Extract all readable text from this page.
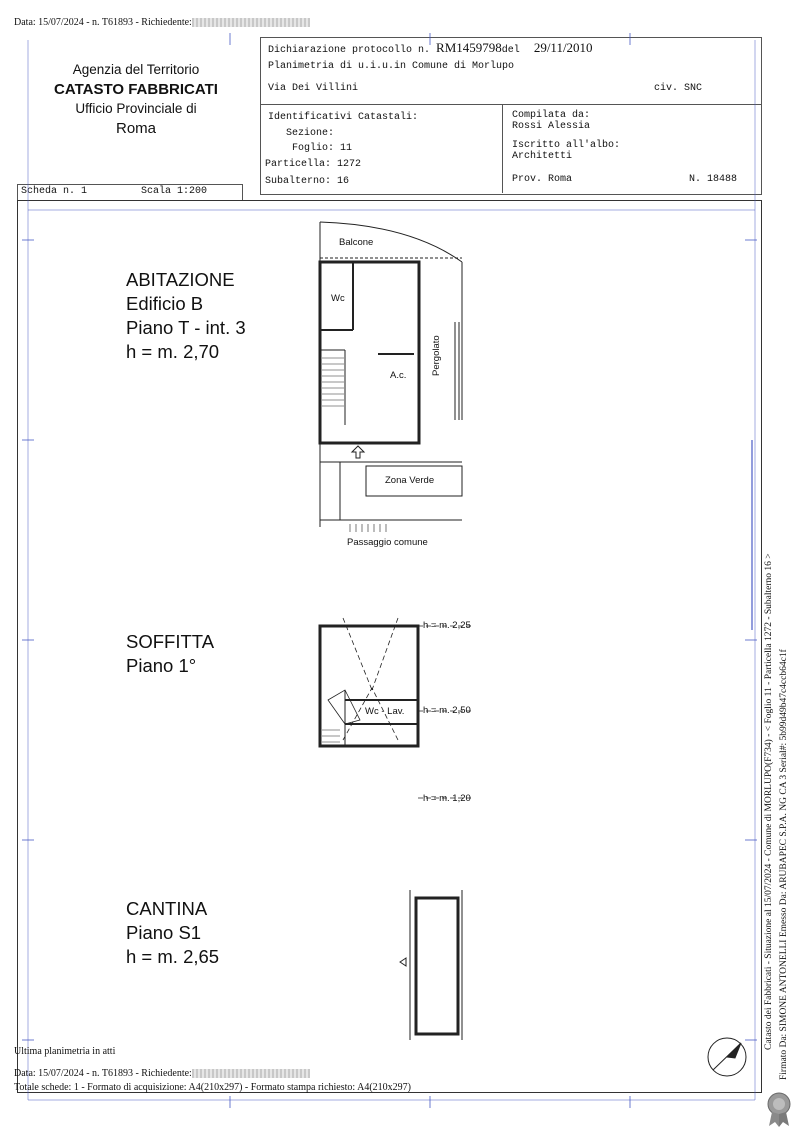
Data: 15/07/2024 - n. T61893 - Richiedente:
Agenzia del Territorio
CATASTO FABBRICATI
Ufficio Provinciale di
Roma
Dichiarazione protocollo n. RM1459798del 29/11/2010
Planimetria di u.i.u.in Comune di Morlupo
Via Dei Villini	civ. SNC
Identificativi Catastali:
Sezione:
Foglio: 11
Particella: 1272
Subalterno: 16
Compilata da:
Rossi Alessia
Iscritto all'albo:
Architetti
Prov. Roma	N. 18488
Scheda n. 1	Scala 1:200
ABITAZIONE
Edificio B
Piano T - int. 3
h = m. 2,70
SOFFITTA
Piano 1°
CANTINA
Piano S1
h = m. 2,65
Balcone
Wc
A.c.	Pergolato
Zona Verde
Passaggio comune
h = m. 2,25
Wc - Lav. h = m. 2,50
h = m. 1,20
Ultima planimetria in atti
Data: 15/07/2024 - n. T61893 - Richiedente:
Totale schede: 1 - Formato di acquisizione: A4(210x297) - Formato stampa richiesto: A4(210x297)
Catasto dei Fabbricati - Situazione al 15/07/2024 - Comune di MORLUPO(F734) - < Foglio 11 - Particella 1272 - Subalterno 16 > Firmato Da: SIMONE ANTONELLI Emesso Da: ARUBAPEC S.P.A. NG CA 3 Serial#: 5b99d49b47c4ccb64c1f
